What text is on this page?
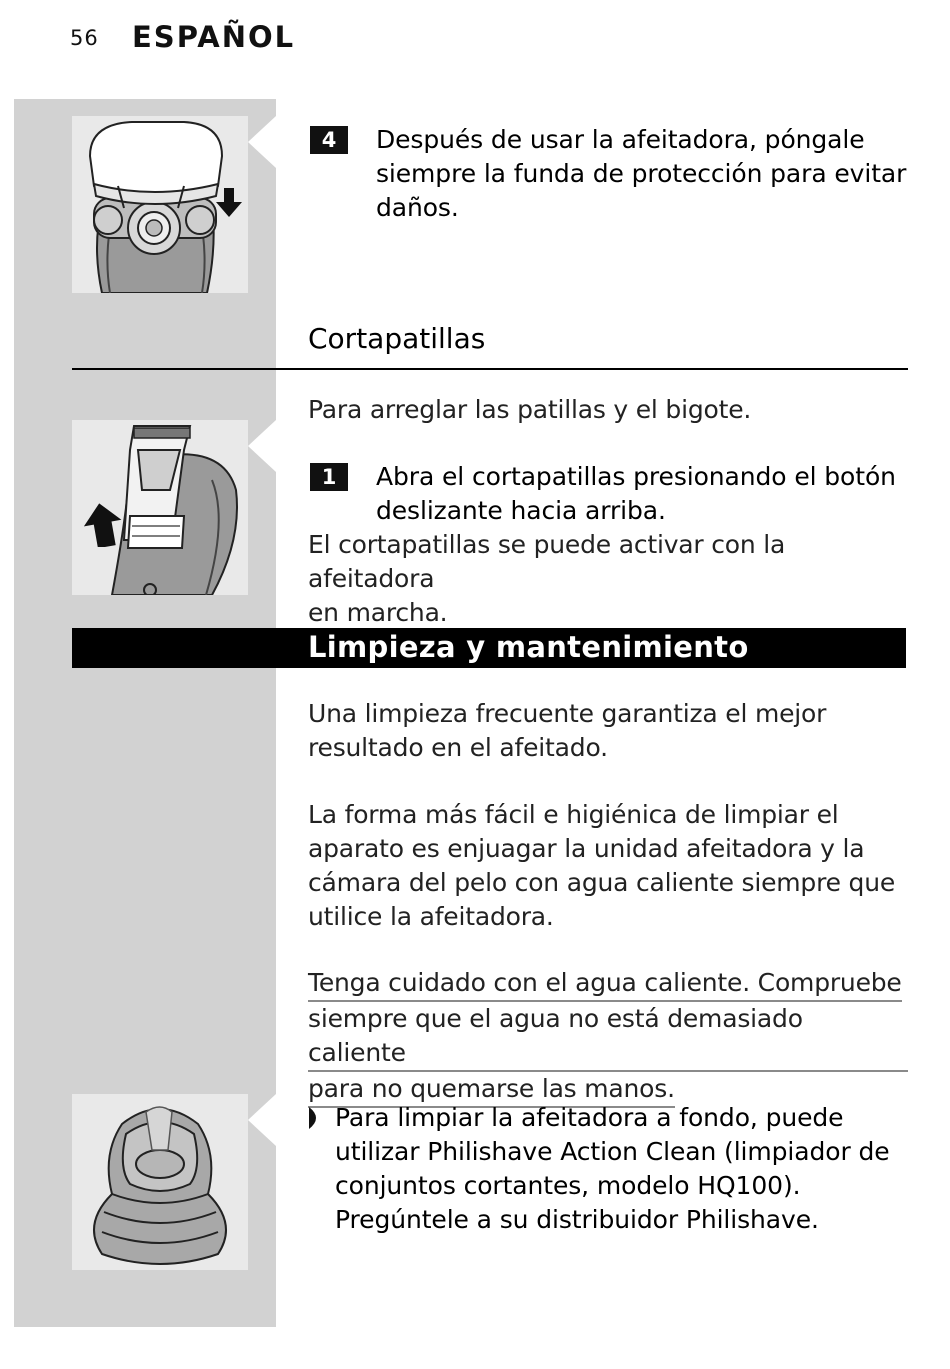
56 ESPAÑOL
4	Después de usar la afeitadora, póngale
siempre la funda de protección para evitar
daños.
Cortapatillas
Para arreglar las patillas y el bigote.
1	Abra el cortapatillas presionando el botón
deslizante hacia arriba.
El cortapatillas se puede activar con la afeitadora
en marcha.
Limpieza y mantenimiento
Una limpieza frecuente garantiza el mejor
resultado en el afeitado.
La forma más fácil e higiénica de limpiar el
aparato es enjuagar la unidad afeitadora y la
cámara del pelo con agua caliente siempre que
utilice la afeitadora.
Tenga cuidado con el agua caliente. Compruebe
siempre que el agua no está demasiado caliente
para no quemarse las manos.
Para limpiar la afeitadora a fondo, puede
utilizar Philishave Action Clean (limpiador de
conjuntos cortantes, modelo HQ100).
Pregúntele a su distribuidor Philishave.
